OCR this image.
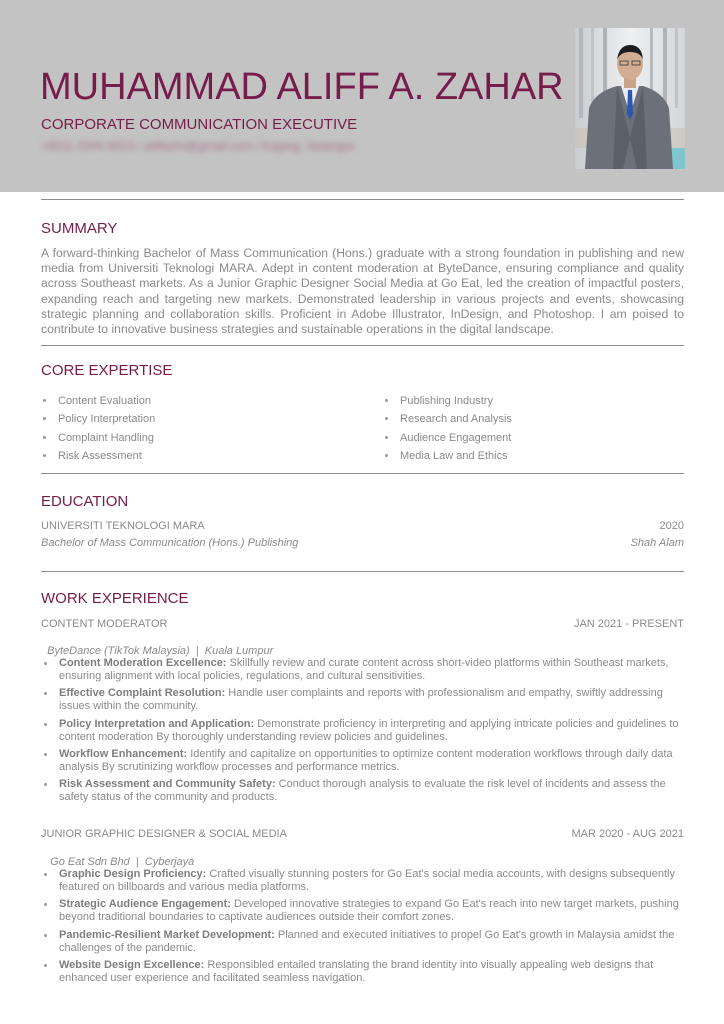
MUHAMMAD ALIFF A. ZAHAR
CORPORATE COMMUNICATION EXECUTIVE
+6011 3344 6013 / aliffazhr@gmail.com / Kajang, Selangor
SUMMARY

A forward-thinking Bachelor of Mass Communication (Hons.) graduate with a strong foundation in publishing and new media from Universiti Teknologi MARA. Adept in content moderation at ByteDance, ensuring compliance and quality across Southeast markets. As a Junior Graphic Designer Social Media at Go Eat, led the creation of impactful posters, expanding reach and targeting new markets. Demonstrated leadership in various projects and events, showcasing strategic planning and collaboration skills. Proficient in Adobe Illustrator, InDesign, and Photoshop. I am poised to contribute to innovative business strategies and sustainable operations in the digital landscape.

CORE EXPERTISE
Content Evaluation
Policy Interpretation
Complaint Handling
Risk Assessment
Publishing Industry
Research and Analysis
Audience Engagement
Media Law and Ethics
EDUCATION
UNIVERSITI TEKNOLOGI MARA	2020
Bachelor of Mass Communication (Hons.) Publishing	Shah Alam
WORK EXPERIENCE
CONTENT MODERATOR	JAN 2021 - PRESENT

ByteDance (TikTok Malaysia)  |  Kuala Lumpur

Content Moderation Excellence: Skillfully review and curate content across short-video platforms within Southeast markets, ensuring alignment with local policies, regulations, and cultural sensitivities.
Effective Complaint Resolution: Handle user complaints and reports with professionalism and empathy, swiftly addressing issues within the community.
Policy Interpretation and Application: Demonstrate proficiency in interpreting and applying intricate policies and guidelines to content moderation By thoroughly understanding review policies and guidelines.
Workflow Enhancement: Identify and capitalize on opportunities to optimize content moderation workflows through daily data analysis By scrutinizing workflow processes and performance metrics.
Risk Assessment and Community Safety: Conduct thorough analysis to evaluate the risk level of incidents and assess the safety status of the community and products.
JUNIOR GRAPHIC DESIGNER & SOCIAL MEDIA	MAR 2020 - AUG 2021

Go Eat Sdn Bhd  |  Cyberjaya

Graphic Design Proficiency: Crafted visually stunning posters for Go Eat's social media accounts, with designs subsequently featured on billboards and various media platforms.
Strategic Audience Engagement: Developed innovative strategies to expand Go Eat's reach into new target markets, pushing beyond traditional boundaries to captivate audiences outside their comfort zones.
Pandemic-Resilient Market Development: Planned and executed initiatives to propel Go Eat's growth in Malaysia amidst the challenges of the pandemic.
Website Design Excellence: Responsibled entailed translating the brand identity into visually appealing web designs that enhanced user experience and facilitated seamless navigation.
